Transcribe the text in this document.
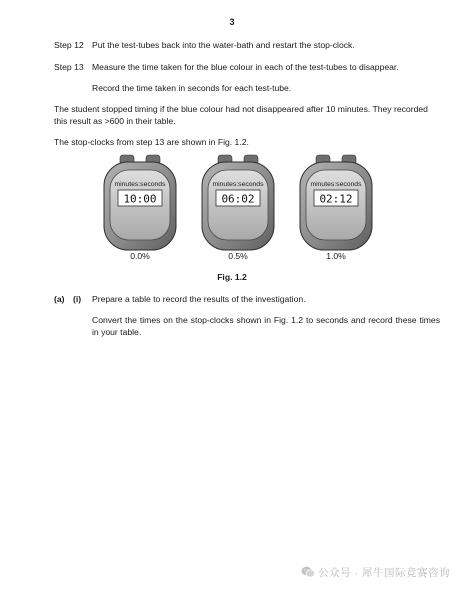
3
Step 12 Put the test-tubes back into the water-bath and restart the stop-clock.
Step 13 Measure the time taken for the blue colour in each of the test-tubes to disappear.
Record the time taken in seconds for each test-tube.
The student stopped timing if the blue colour had not disappeared after 10 minutes. They recorded this result as >600 in their table.
The stop-clocks from step 13 are shown in Fig. 1.2.
minutes:seconds
10:00
minutes:seconds
06:02
minutes:seconds
02:12
0.0%	0.5%	1.0%
Fig. 1.2
(a) (i) Prepare a table to record the results of the investigation.
Convert the times on the stop-clocks shown in Fig. 1.2 to seconds and record these times in your table.
公众号 · 犀牛国际竞赛咨询
